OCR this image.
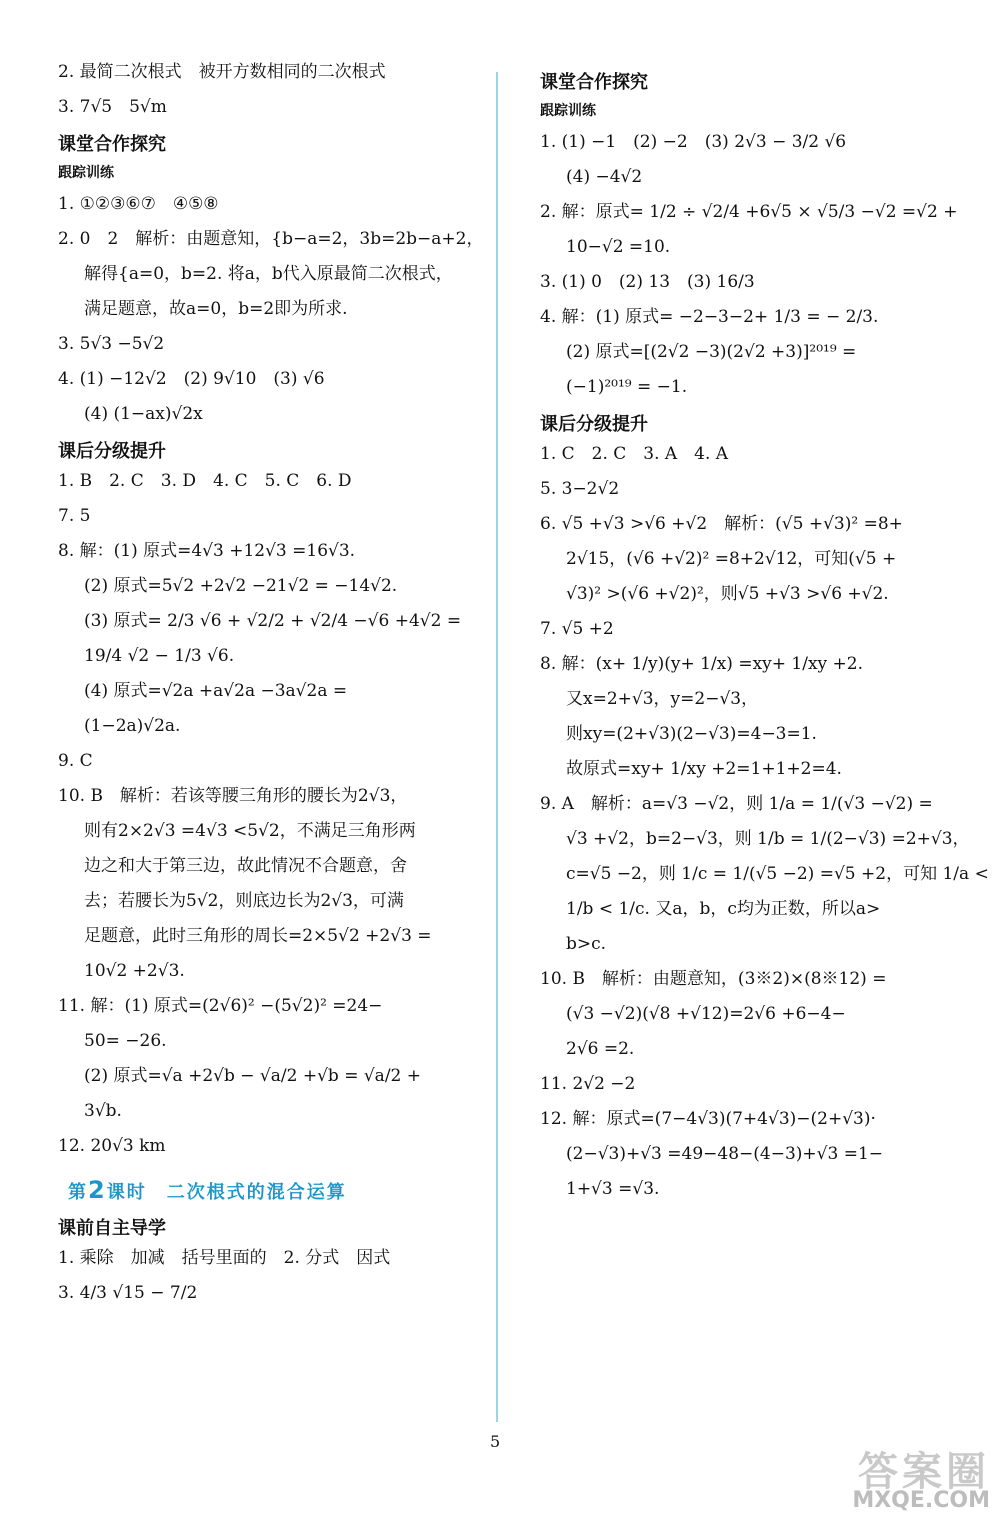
2. 最简二次根式　被开方数相同的二次根式
3. 7√5　5√m
课堂合作探究
跟踪训练
1. ①②③⑥⑦　④⑤⑧
2. 0　2　解析：由题意知，{b−a=2，3b=2b−a+2，
解得{a=0，b=2. 将a，b代入原最简二次根式，
满足题意，故a=0，b=2即为所求.
3. 5√3 −5√2
4. (1) −12√2　(2) 9√10　(3) √6
(4) (1−ax)√2x
课后分级提升
1. B　2. C　3. D　4. C　5. C　6. D
7. 5
8. 解：(1) 原式=4√3 +12√3 =16√3.
(2) 原式=5√2 +2√2 −21√2 = −14√2.
(3) 原式= 2/3 √6 + √2/2 + √2/4 −√6 +4√2 =
19/4 √2 − 1/3 √6.
(4) 原式=√2a +a√2a −3a√2a =
(1−2a)√2a.
9. C
10. B　解析：若该等腰三角形的腰长为2√3，
则有2×2√3 =4√3 <5√2，不满足三角形两
边之和大于第三边，故此情况不合题意，舍
去；若腰长为5√2，则底边长为2√3，可满
足题意，此时三角形的周长=2×5√2 +2√3 =
10√2 +2√3.
11. 解：(1) 原式=(2√6)² −(5√2)² =24−
50= −26.
(2) 原式=√a +2√b − √a/2 +√b = √a/2 +
3√b.
12. 20√3 km
第2课时　二次根式的混合运算
课前自主导学
1. 乘除　加减　括号里面的　2. 分式　因式
3. 4/3 √15 − 7/2
课堂合作探究
跟踪训练
1. (1) −1　(2) −2　(3) 2√3 − 3/2 √6
(4) −4√2
2. 解：原式= 1/2 ÷ √2/4 +6√5 × √5/3 −√2 =√2 +
10−√2 =10.
3. (1) 0　(2) 13　(3) 16/3
4. 解：(1) 原式= −2−3−2+ 1/3 = − 2/3.
(2) 原式=[(2√2 −3)(2√2 +3)]²⁰¹⁹ =
(−1)²⁰¹⁹ = −1.
课后分级提升
1. C　2. C　3. A　4. A
5. 3−2√2
6. √5 +√3 >√6 +√2　解析：(√5 +√3)² =8+
2√15，(√6 +√2)² =8+2√12，可知(√5 +
√3)² >(√6 +√2)²，则√5 +√3 >√6 +√2.
7. √5 +2
8. 解：(x+ 1/y)(y+ 1/x) =xy+ 1/xy +2.
又x=2+√3，y=2−√3，
则xy=(2+√3)(2−√3)=4−3=1.
故原式=xy+ 1/xy +2=1+1+2=4.
9. A　解析：a=√3 −√2，则 1/a = 1/(√3 −√2) =
√3 +√2，b=2−√3，则 1/b = 1/(2−√3) =2+√3，
c=√5 −2，则 1/c = 1/(√5 −2) =√5 +2，可知 1/a <
1/b < 1/c. 又a，b，c均为正数，所以a>
b>c.
10. B　解析：由题意知，(3※2)×(8※12) =
(√3 −√2)(√8 +√12)=2√6 +6−4−
2√6 =2.
11. 2√2 −2
12. 解：原式=(7−4√3)(7+4√3)−(2+√3)·
(2−√3)+√3 =49−48−(4−3)+√3 =1−
1+√3 =√3.
5
答案圈
MXQE.COM
